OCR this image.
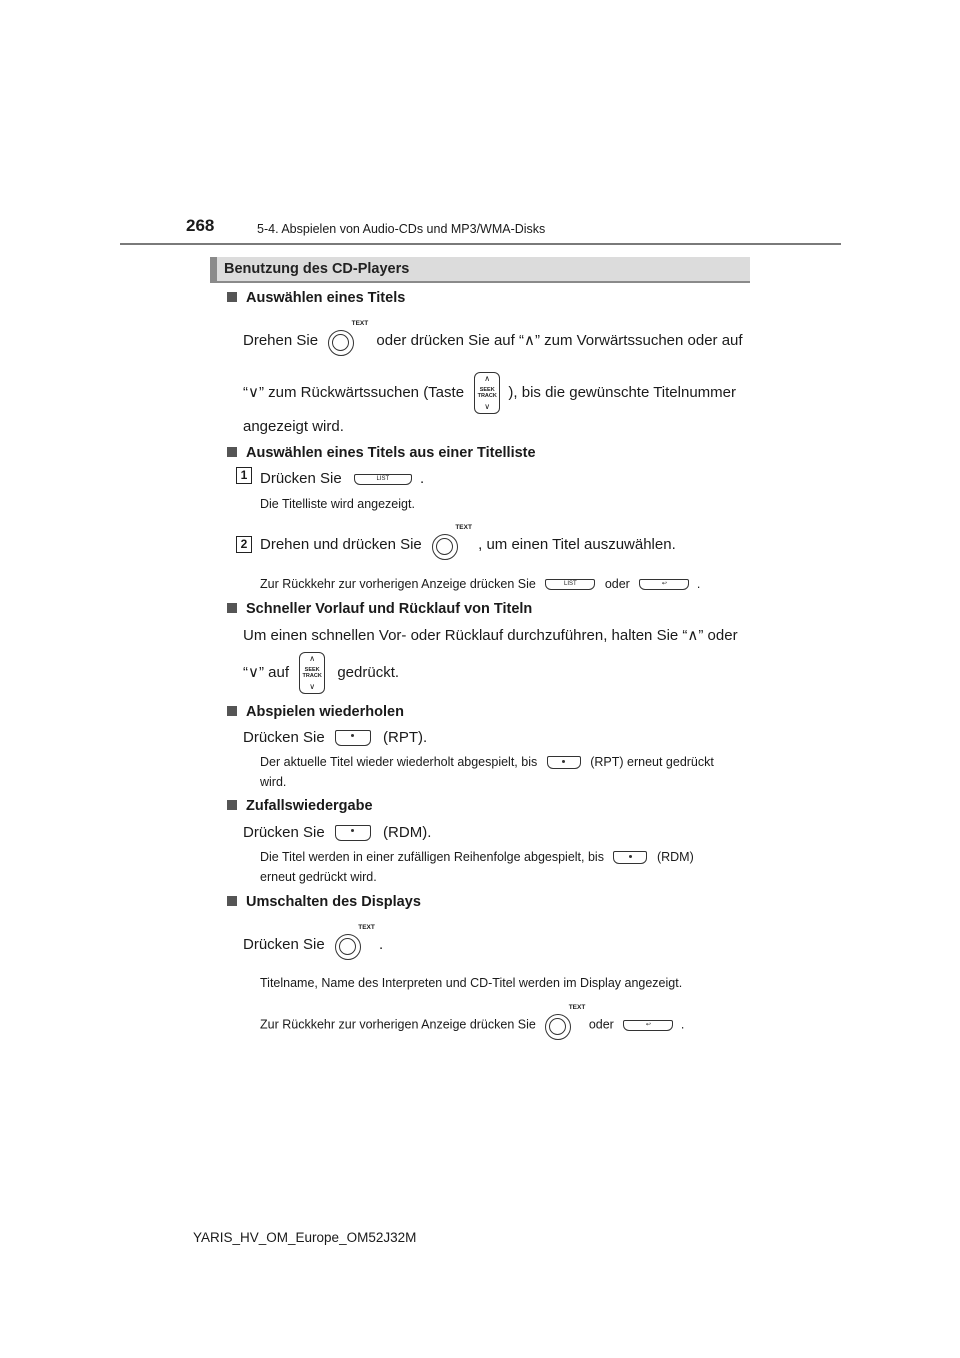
268	5-4. Abspielen von Audio-CDs und MP3/WMA-Disks
Benutzung des CD-Players
Auswählen eines Titels
Drehen Sie
TEXT
oder drücken Sie auf “∧” zum Vorwärtssuchen oder auf
“∨” zum Rückwärtssuchen (Taste
∧
SEEK
TRACK
∨
), bis die gewünschte Titelnummer
angezeigt wird.
Auswählen eines Titels aus einer Titelliste
1 Drücken Sie	LIST	.
Die Titelliste wird angezeigt.
2 Drehen und drücken Sie
TEXT
, um einen Titel auszuwählen.
Zur Rückkehr zur vorherigen Anzeige drücken Sie	LIST	oder	↩	.
Schneller Vorlauf und Rücklauf von Titeln
Um einen schnellen Vor- oder Rücklauf durchzuführen, halten Sie “∧” oder
“∨” auf
∧
SEEK
TRACK
∨
gedrückt.
Abspielen wiederholen
Drücken Sie	(RPT).
Der aktuelle Titel wieder wiederholt abgespielt, bis	(RPT) erneut gedrückt
wird.
Zufallswiedergabe
Drücken Sie	(RDM).
Die Titel werden in einer zufälligen Reihenfolge abgespielt, bis	(RDM)
erneut gedrückt wird.
Umschalten des Displays
Drücken Sie
TEXT
.
Titelname, Name des Interpreten und CD-Titel werden im Display angezeigt.
Zur Rückkehr zur vorherigen Anzeige drücken Sie
TEXT
oder	↩	.
YARIS_HV_OM_Europe_OM52J32M
